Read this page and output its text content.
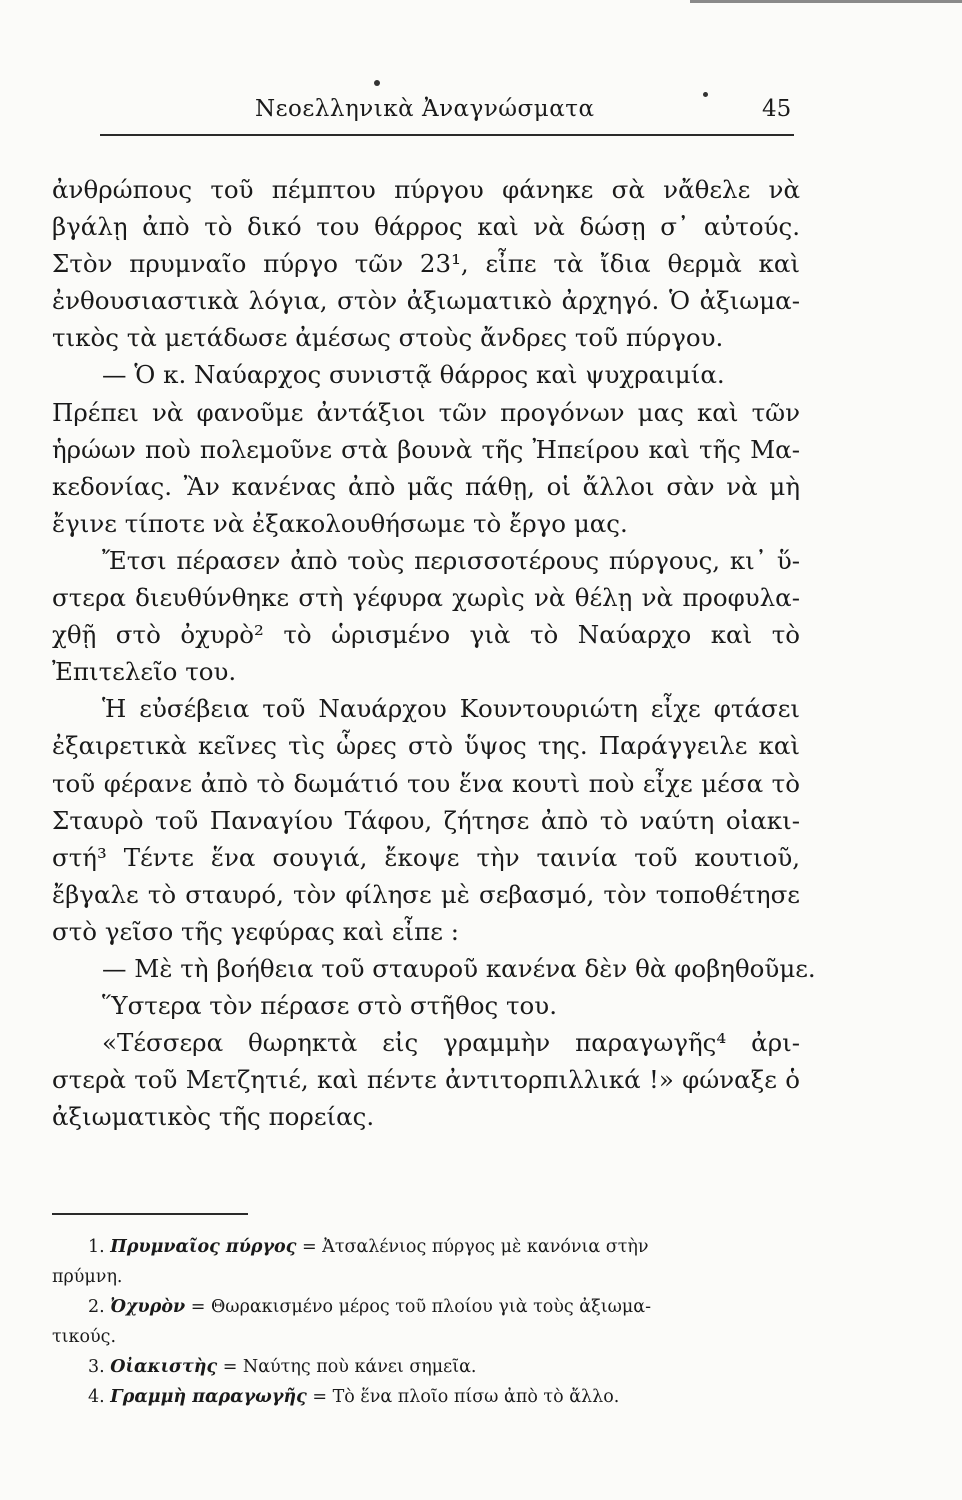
Νεοελληνικὰ Ἀναγνώσματα	45
ἀνθρώπους τοῦ πέμπτου πύργου φάνηκε σὰ νἄθελε νὰ
βγάλῃ ἀπὸ τὸ δικό του θάρρος καὶ νὰ δώσῃ σ᾿ αὐτούς.
Στὸν πρυμναῖο πύργο τῶν 23¹, εἶπε τὰ ἴδια θερμὰ καὶ
ἐνθουσιαστικὰ λόγια, στὸν ἀξιωματικὸ ἀρχηγό. Ὁ ἀξιωμα-
τικὸς τὰ μετάδωσε ἀμέσως στοὺς ἄνδρες τοῦ πύργου.
— Ὁ κ. Ναύαρχος συνιστᾷ θάρρος καὶ ψυχραιμία.
Πρέπει νὰ φανοῦμε ἀντάξιοι τῶν προγόνων μας καὶ τῶν
ἡρώων ποὺ πολεμοῦνε στὰ βουνὰ τῆς Ἠπείρου καὶ τῆς Μα-
κεδονίας. Ἂν κανένας ἀπὸ μᾶς πάθῃ, οἱ ἄλλοι σὰν νὰ μὴ
ἔγινε τίποτε νὰ ἐξακολουθήσωμε τὸ ἔργο μας.
Ἔτσι πέρασεν ἀπὸ τοὺς περισσοτέρους πύργους, κι᾿ ὕ-
στερα διευθύνθηκε στὴ γέφυρα χωρὶς νὰ θέλῃ νὰ προφυλα-
χθῇ στὸ ὀχυρὸ² τὸ ὡρισμένο γιὰ τὸ Ναύαρχο καὶ τὸ
Ἐπιτελεῖο του.
Ἡ εὐσέβεια τοῦ Ναυάρχου Κουντουριώτη εἶχε φτάσει
ἐξαιρετικὰ κεῖνες τὶς ὧρες στὸ ὕψος της. Παράγγειλε καὶ
τοῦ φέρανε ἀπὸ τὸ δωμάτιό του ἕνα κουτὶ ποὺ εἶχε μέσα τὸ
Σταυρὸ τοῦ Παναγίου Τάφου, ζήτησε ἀπὸ τὸ ναύτη οἰακι-
στή³ Τέντε ἕνα σουγιά, ἔκοψε τὴν ταινία τοῦ κουτιοῦ,
ἔβγαλε τὸ σταυρό, τὸν φίλησε μὲ σεβασμό, τὸν τοποθέτησε
στὸ γεῖσο τῆς γεφύρας καὶ εἶπε :
— Μὲ τὴ βοήθεια τοῦ σταυροῦ κανένα δὲν θὰ φοβηθοῦμε.
Ὕστερα τὸν πέρασε στὸ στῆθος του.
«Τέσσερα θωρηκτὰ εἰς γραμμὴν παραγωγῆς⁴ ἀρι-
στερὰ τοῦ Μετζητιέ, καὶ πέντε ἀντιτορπιλλικά !» φώναξε ὁ
ἀξιωματικὸς τῆς πορείας.
1. Πρυμναῖος πύργος = Ἀτσαλένιος πύργος μὲ κανόνια στὴν
πρύμνη.
2. Ὀχυρὸν = Θωρακισμένο μέρος τοῦ πλοίου γιὰ τοὺς ἀξιωμα-
τικούς.
3. Οἰακιστὴς = Ναύτης ποὺ κάνει σημεῖα.
4. Γραμμὴ παραγωγῆς = Τὸ ἕνα πλοῖο πίσω ἀπὸ τὸ ἄλλο.
